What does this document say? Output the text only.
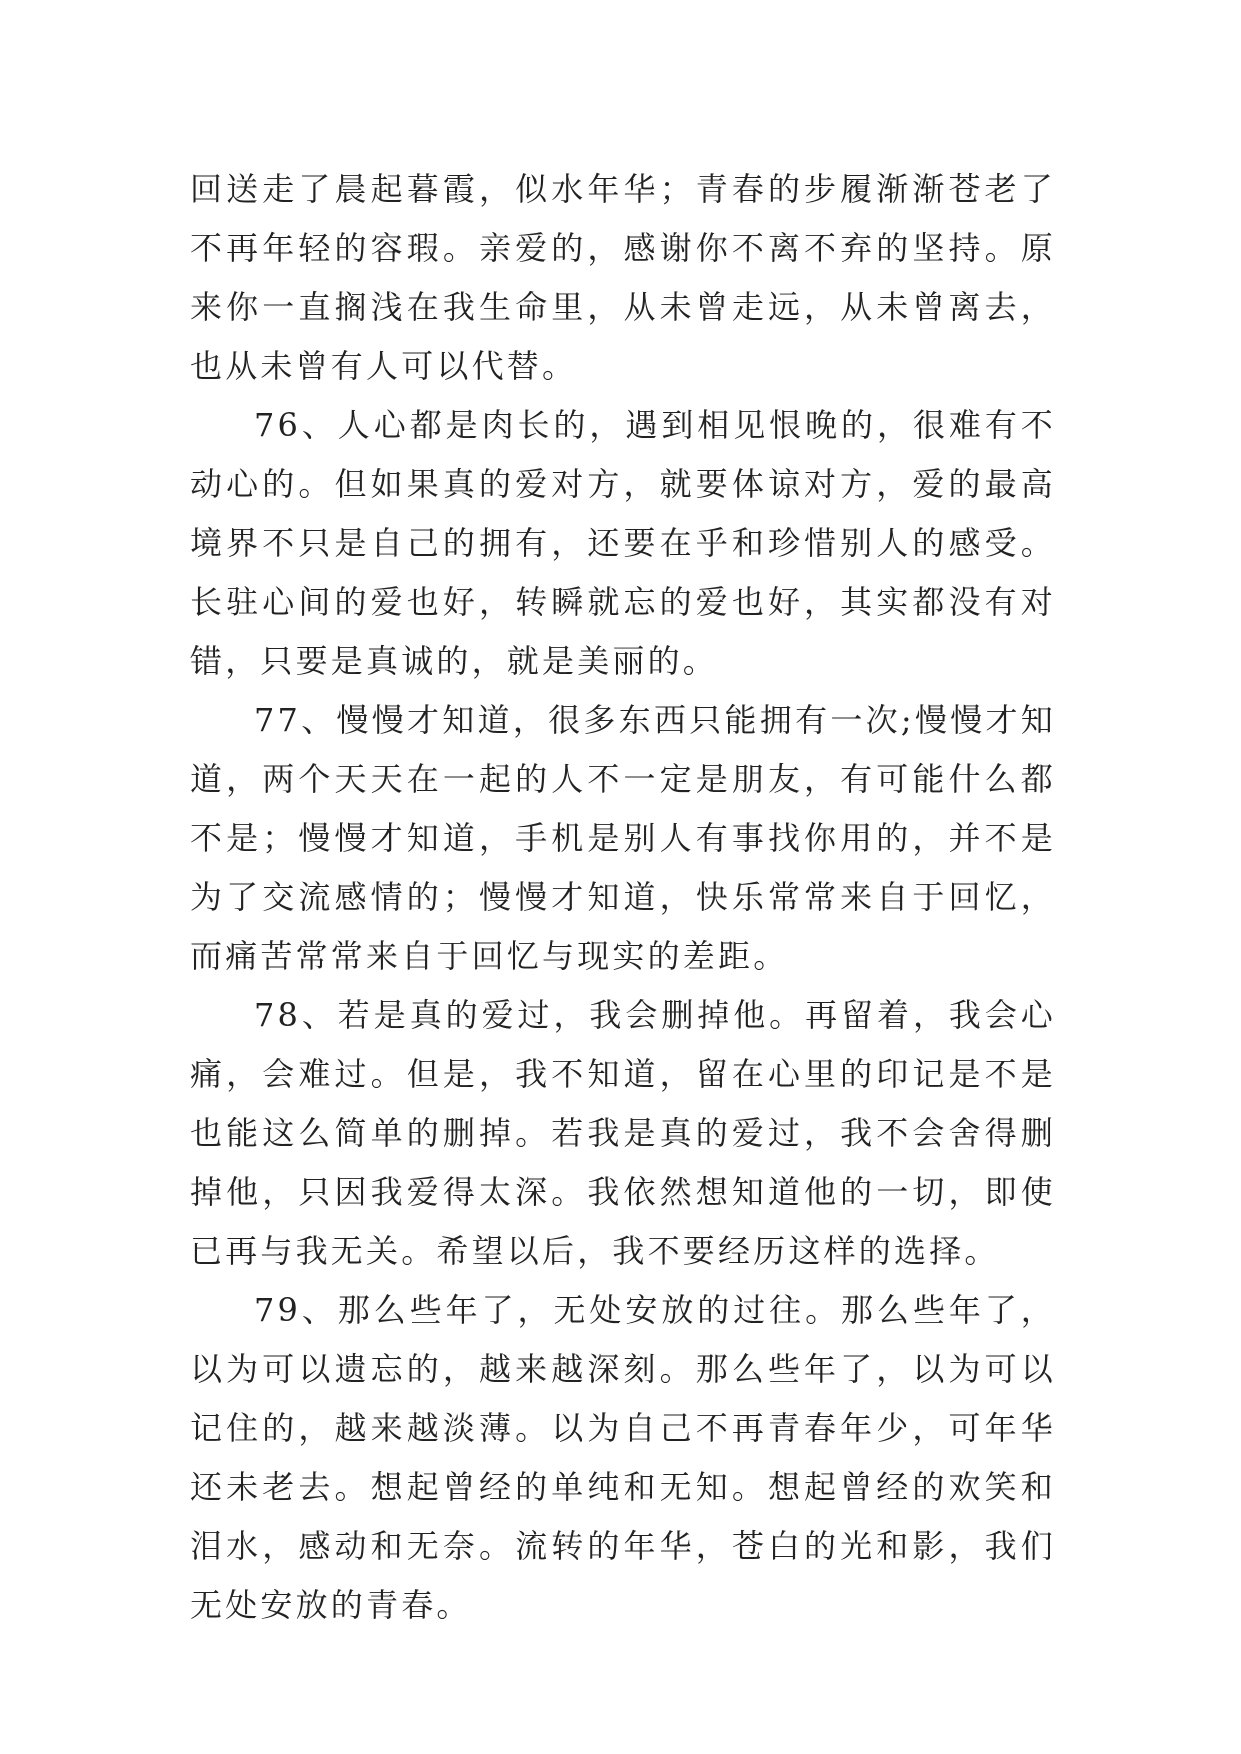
回送走了晨起暮霞，似水年华；青春的步履渐渐苍老了不再年轻的容瑕。亲爱的，感谢你不离不弃的坚持。原来你一直搁浅在我生命里，从未曾走远，从未曾离去，也从未曾有人可以代替。

76、人心都是肉长的，遇到相见恨晚的，很难有不动心的。但如果真的爱对方，就要体谅对方，爱的最高境界不只是自己的拥有，还要在乎和珍惜别人的感受。长驻心间的爱也好，转瞬就忘的爱也好，其实都没有对错，只要是真诚的，就是美丽的。

77、慢慢才知道，很多东西只能拥有一次;慢慢才知道，两个天天在一起的人不一定是朋友，有可能什么都不是；慢慢才知道，手机是别人有事找你用的，并不是为了交流感情的；慢慢才知道，快乐常常来自于回忆，而痛苦常常来自于回忆与现实的差距。

78、若是真的爱过，我会删掉他。再留着，我会心痛，会难过。但是，我不知道，留在心里的印记是不是也能这么简单的删掉。若我是真的爱过，我不会舍得删掉他，只因我爱得太深。我依然想知道他的一切，即使已再与我无关。希望以后，我不要经历这样的选择。

79、那么些年了，无处安放的过往。那么些年了，以为可以遗忘的，越来越深刻。那么些年了，以为可以记住的，越来越淡薄。以为自己不再青春年少，可年华还未老去。想起曾经的单纯和无知。想起曾经的欢笑和泪水，感动和无奈。流转的年华，苍白的光和影，我们无处安放的青春。
